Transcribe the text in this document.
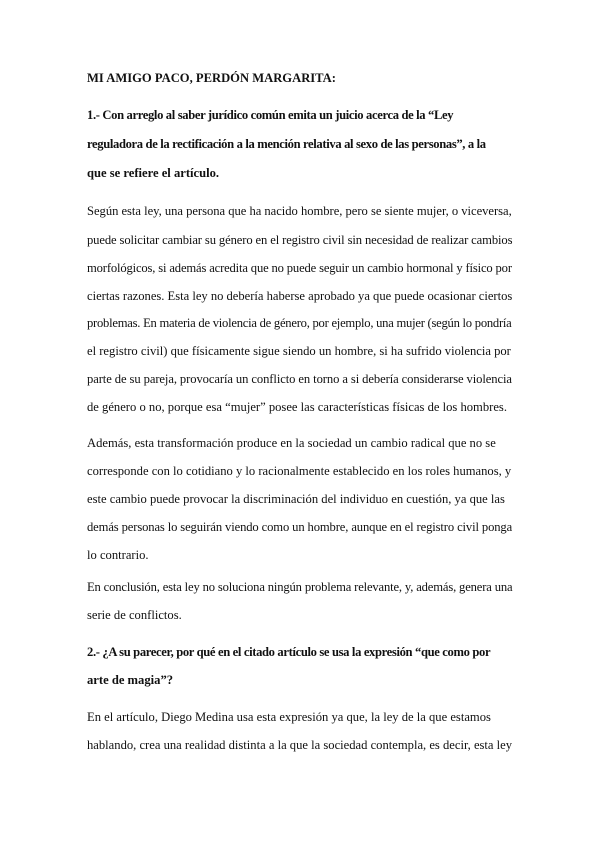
MI AMIGO PACO, PERDÓN MARGARITA:
1.- Con arreglo al saber jurídico común emita un juicio acerca de la “Ley
reguladora de la rectificación a la mención relativa al sexo de las personas”, a la
que se refiere el artículo.
Según esta ley, una persona que ha nacido hombre, pero se siente mujer, o viceversa,
puede solicitar cambiar su género en el registro civil sin necesidad de realizar cambios
morfológicos, si además acredita que no puede seguir un cambio hormonal y físico por
ciertas razones. Esta ley no debería haberse aprobado ya que puede ocasionar ciertos
problemas. En materia de violencia de género, por ejemplo, una mujer (según lo pondría
el registro civil) que físicamente sigue siendo un hombre, si ha sufrido violencia por
parte de su pareja, provocaría un conflicto en torno a si debería considerarse violencia
de género o no, porque esa “mujer” posee las características físicas de los hombres.
Además, esta transformación produce en la sociedad un cambio radical que no se
corresponde con lo cotidiano y lo racionalmente establecido en los roles humanos, y
este cambio puede provocar la discriminación del individuo en cuestión, ya que las
demás personas lo seguirán viendo como un hombre, aunque en el registro civil ponga
lo contrario.
En conclusión, esta ley no soluciona ningún problema relevante, y, además, genera una
serie de conflictos.
2.- ¿A su parecer, por qué en el citado artículo se usa la expresión “que como por
arte de magia”?
En el artículo, Diego Medina usa esta expresión ya que, la ley de la que estamos
hablando, crea una realidad distinta a la que la sociedad contempla, es decir, esta ley
